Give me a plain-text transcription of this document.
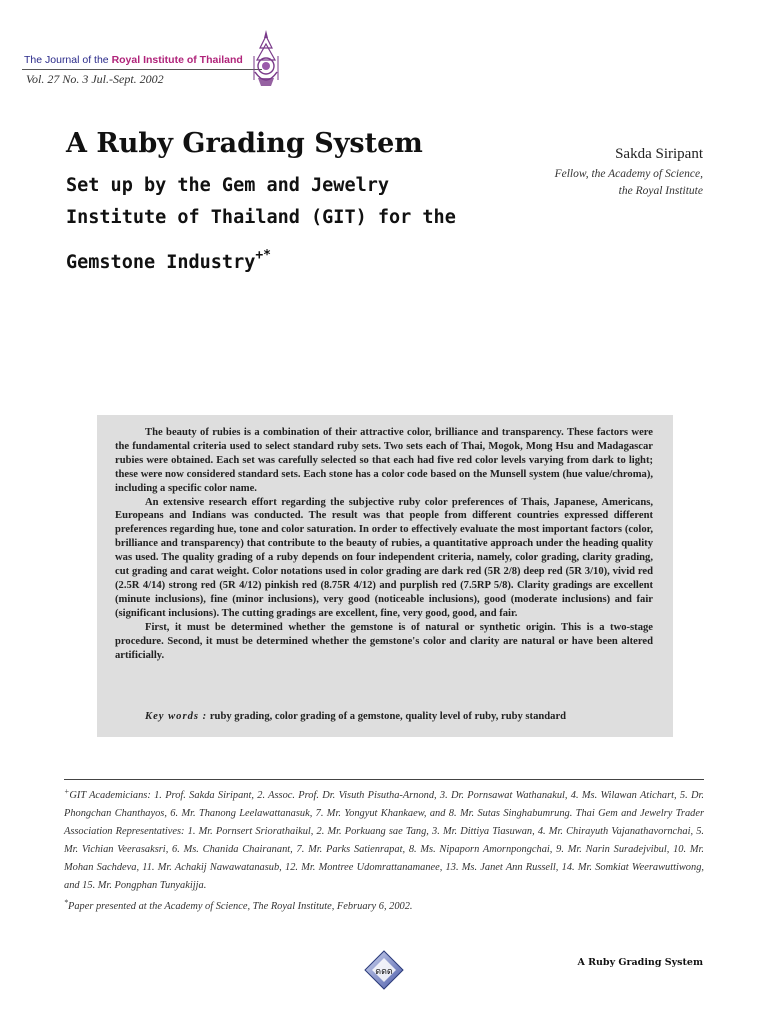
The Journal of the Royal Institute of Thailand
Vol. 27 No. 3 Jul.-Sept. 2002
A Ruby Grading System
Set up by the Gem and Jewelry
Institute of Thailand (GIT) for the
Gemstone Industry+*
Sakda Siripant
Fellow, the Academy of Science,
the Royal Institute

The beauty of rubies is a combination of their attractive color, brilliance and transparency. These factors were the fundamental criteria used to select standard ruby sets. Two sets each of Thai, Mogok, Mong Hsu and Madagascar rubies were obtained. Each set was carefully selected so that each had five red color levels varying from dark to light; these were now considered standard sets. Each stone has a color code based on the Munsell system (hue value/chroma), including a specific color name.

An extensive research effort regarding the subjective ruby color preferences of Thais, Japanese, Americans, Europeans and Indians was conducted. The result was that people from different countries expressed different preferences regarding hue, tone and color saturation. In order to effectively evaluate the most important factors (color, brilliance and transparency) that contribute to the beauty of rubies, a quantitative approach under the heading quality was used. The quality grading of a ruby depends on four independent criteria, namely, color grading, clarity grading, cut grading and carat weight. Color notations used in color grading are dark red (5R 2/8) deep red (5R 3/10), vivid red (2.5R 4/14) strong red (5R 4/12) pinkish red (8.75R 4/12) and purplish red (7.5RP 5/8). Clarity gradings are excellent (minute inclusions), fine (minor inclusions), very good (noticeable inclusions), good (moderate inclusions) and fair (significant inclusions). The cutting gradings are excellent, fine, very good, good, and fair.

First, it must be determined whether the gemstone is of natural or synthetic origin. This is a two-stage procedure. Second, it must be determined whether the gemstone's color and clarity are natural or have been altered artificially.

Key words : ruby grading, color grading of a gemstone, quality level of ruby, ruby standard

+GIT Academicians: 1. Prof. Sakda Siripant, 2. Assoc. Prof. Dr. Visuth Pisutha-Arnond, 3. Dr. Pornsawat Wathanakul, 4. Ms. Wilawan Atichart, 5. Dr. Phongchan Chanthayos, 6. Mr. Thanong Leelawattanasuk, 7. Mr. Yongyut Khankaew, and 8. Mr. Sutas Singhabumrung. Thai Gem and Jewelry Trader Association Representatives: 1. Mr. Pornsert Sriorathaikul, 2. Mr. Porkuang sae Tang, 3. Mr. Dittiya Tiasuwan, 4. Mr. Chirayuth Vajanathavornchai, 5. Mr. Vichian Veerasaksri, 6. Ms. Chanida Chairanant, 7. Mr. Parks Satienrapat, 8. Ms. Nipaporn Amornpongchai, 9. Mr. Narin Suradejvibul, 10. Mr. Mohan Sachdeva, 11. Mr. Achakij Nawawatanasub, 12. Mr. Montree Udomrattanamanee, 13. Ms. Janet Ann Russell, 14. Mr. Somkiat Weerawuttiwong, and 15. Mr. Pongphan Tunyakijja.

*Paper presented at the Academy of Science, The Royal Institute, February 6, 2002.

ดดด
A Ruby Grading System
